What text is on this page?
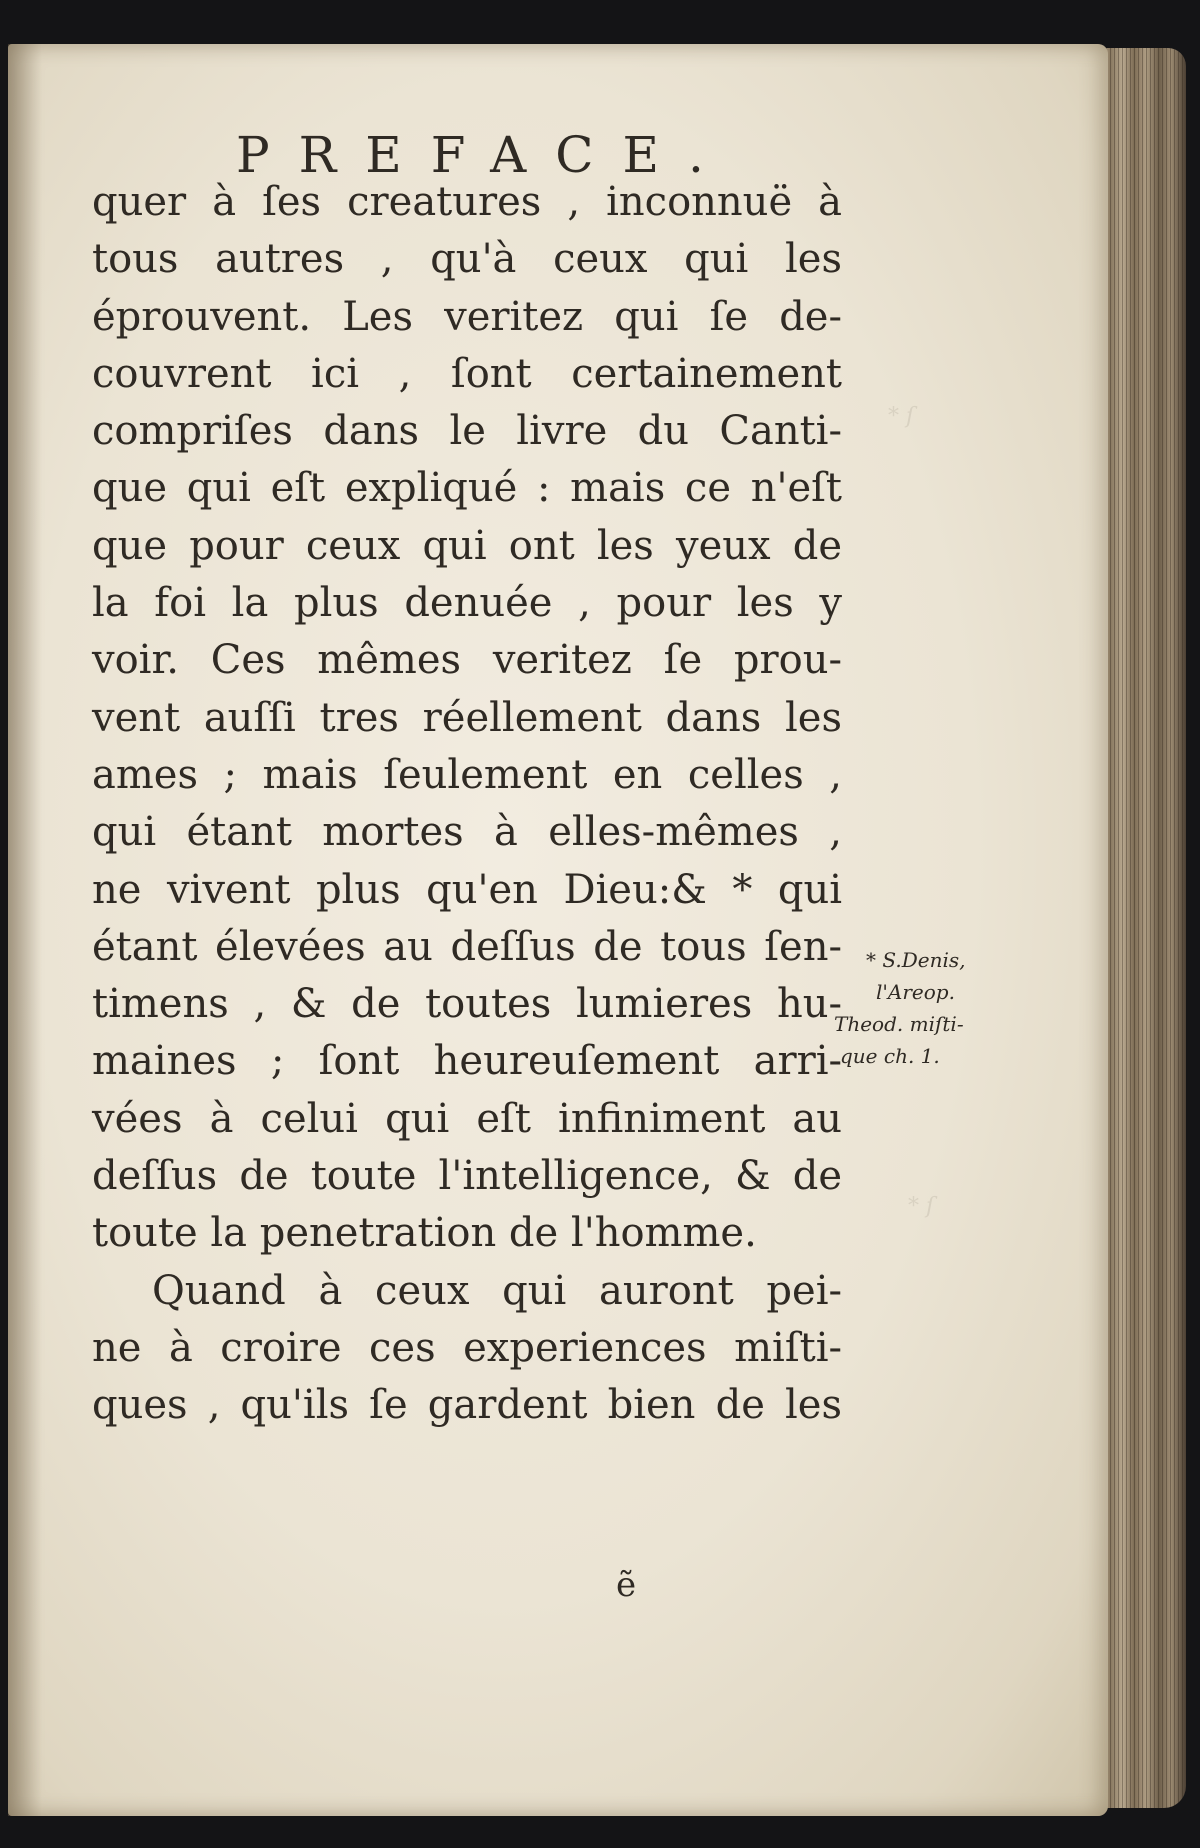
* ſ
* ſ
PREFACE.
quer à ſes creatures , inconnuë à
tous autres , qu'à ceux qui les
éprouvent. Les veritez qui ſe de-
couvrent ici , ſont certainement
compriſes dans le livre du Canti-
que qui eſt expliqué : mais ce n'eſt
que pour ceux qui ont les yeux de
la foi la plus denuée , pour les y
voir. Ces mêmes veritez ſe prou-
vent auſſi tres réellement dans les
ames ; mais ſeulement en celles ,
qui étant mortes à elles-mêmes ,
ne vivent plus qu'en Dieu:& * qui
étant élevées au deſſus de tous ſen-
timens , & de toutes lumieres hu-
maines ; ſont heureuſement arri-
vées à celui qui eſt infiniment au
deſſus de toute l'intelligence, & de
toute la penetration de l'homme.
Quand à ceux qui auront pei-
ne à croire ces experiences miſti-
ques , qu'ils ſe gardent bien de les
* S.Denis,
l'Areop.
Theod. miſti-
que ch. 1.
ẽ
